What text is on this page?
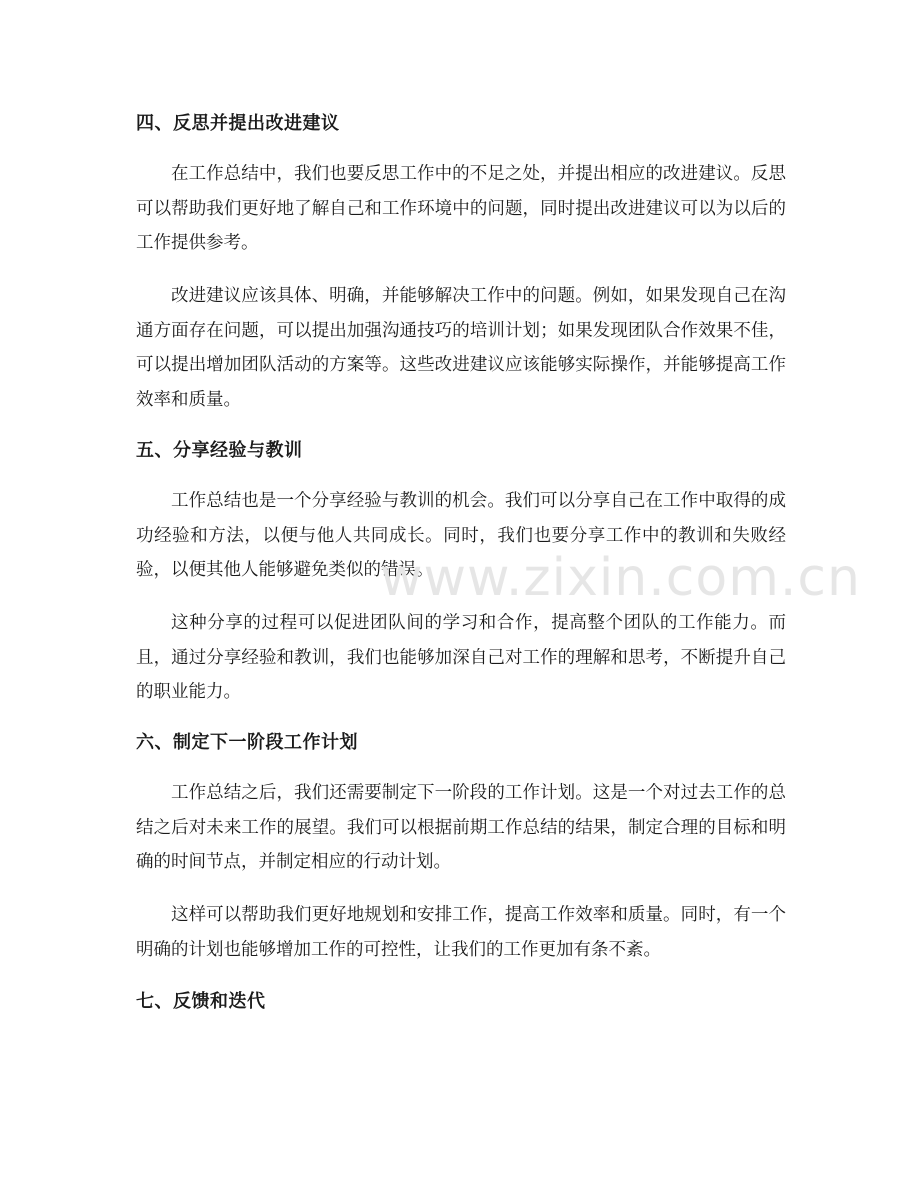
四、反思并提出改进建议
在工作总结中，我们也要反思工作中的不足之处，并提出相应的改进建议。反思可以帮助我们更好地了解自己和工作环境中的问题，同时提出改进建议可以为以后的工作提供参考。
改进建议应该具体、明确，并能够解决工作中的问题。例如，如果发现自己在沟通方面存在问题，可以提出加强沟通技巧的培训计划；如果发现团队合作效果不佳，可以提出增加团队活动的方案等。这些改进建议应该能够实际操作，并能够提高工作效率和质量。
五、分享经验与教训
工作总结也是一个分享经验与教训的机会。我们可以分享自己在工作中取得的成功经验和方法，以便与他人共同成长。同时，我们也要分享工作中的教训和失败经验，以便其他人能够避免类似的错误。
这种分享的过程可以促进团队间的学习和合作，提高整个团队的工作能力。而且，通过分享经验和教训，我们也能够加深自己对工作的理解和思考，不断提升自己的职业能力。
六、制定下一阶段工作计划
工作总结之后，我们还需要制定下一阶段的工作计划。这是一个对过去工作的总结之后对未来工作的展望。我们可以根据前期工作总结的结果，制定合理的目标和明确的时间节点，并制定相应的行动计划。
这样可以帮助我们更好地规划和安排工作，提高工作效率和质量。同时，有一个明确的计划也能够增加工作的可控性，让我们的工作更加有条不紊。
七、反馈和迭代
www.zixin.com.cn
